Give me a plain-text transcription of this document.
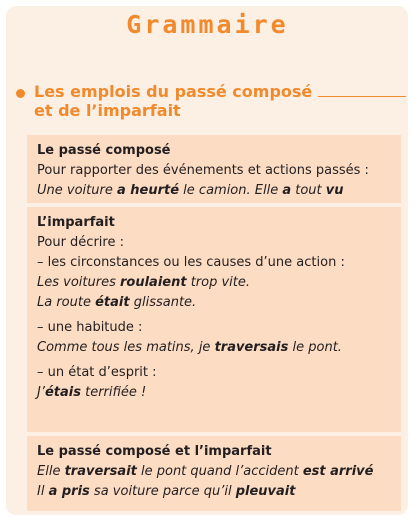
Grammaire
Les emplois du passé composé
et de l’imparfait
Le passé composé

Pour rapporter des événements et actions passés :

Une voiture a heurté le camion. Elle a tout vu

L’imparfait

Pour décrire :

– les circonstances ou les causes d’une action :

Les voitures roulaient trop vite.

La route était glissante.

– une habitude :

Comme tous les matins, je traversais le pont.

– un état d’esprit :

J’étais terrifiée !

Le passé composé et l’imparfait

Elle traversait le pont quand l’accident est arrivé

Il a pris sa voiture parce qu’il pleuvait
